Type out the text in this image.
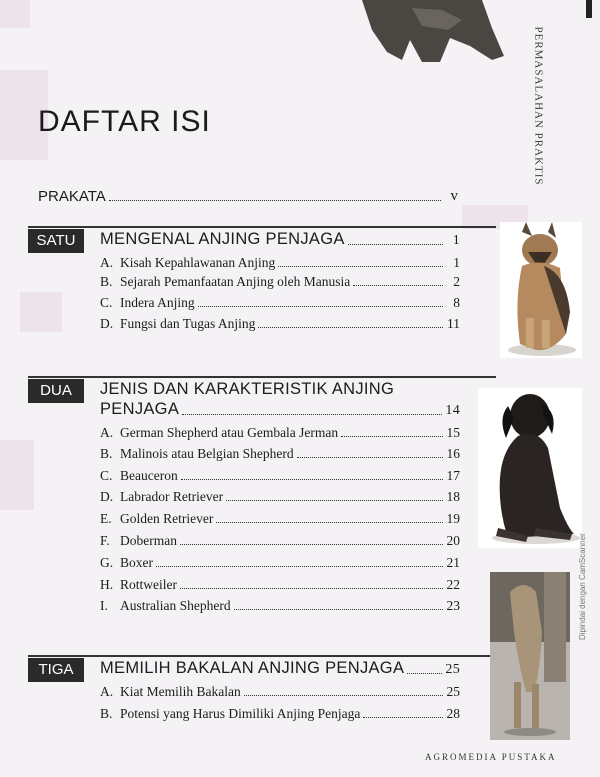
PERMASALAHAN PRAKTIS
DAFTAR ISI
PRAKATA	v
SATU	MENGENAL ANJING PENJAGA	1
A. Kisah Kepahlawanan Anjing	1
B. Sejarah Pemanfaatan Anjing oleh Manusia	2
C. Indera Anjing	8
D. Fungsi dan Tugas Anjing	11
DUA	JENIS DAN KARAKTERISTIK ANJING
PENJAGA	14
A. German Shepherd atau Gembala Jerman	15
B. Malinois atau Belgian Shepherd	16
C. Beauceron	17
D. Labrador Retriever	18
E. Golden Retriever	19
F. Doberman	20
G. Boxer	21
H. Rottweiler	22
I. Australian Shepherd	23
TIGA	MEMILIH BAKALAN ANJING PENJAGA	25
A. Kiat Memilih Bakalan	25
B. Potensi yang Harus Dimiliki Anjing Penjaga	28
AGROMEDIA PUSTAKA
Dipindai dengan CamScanner
